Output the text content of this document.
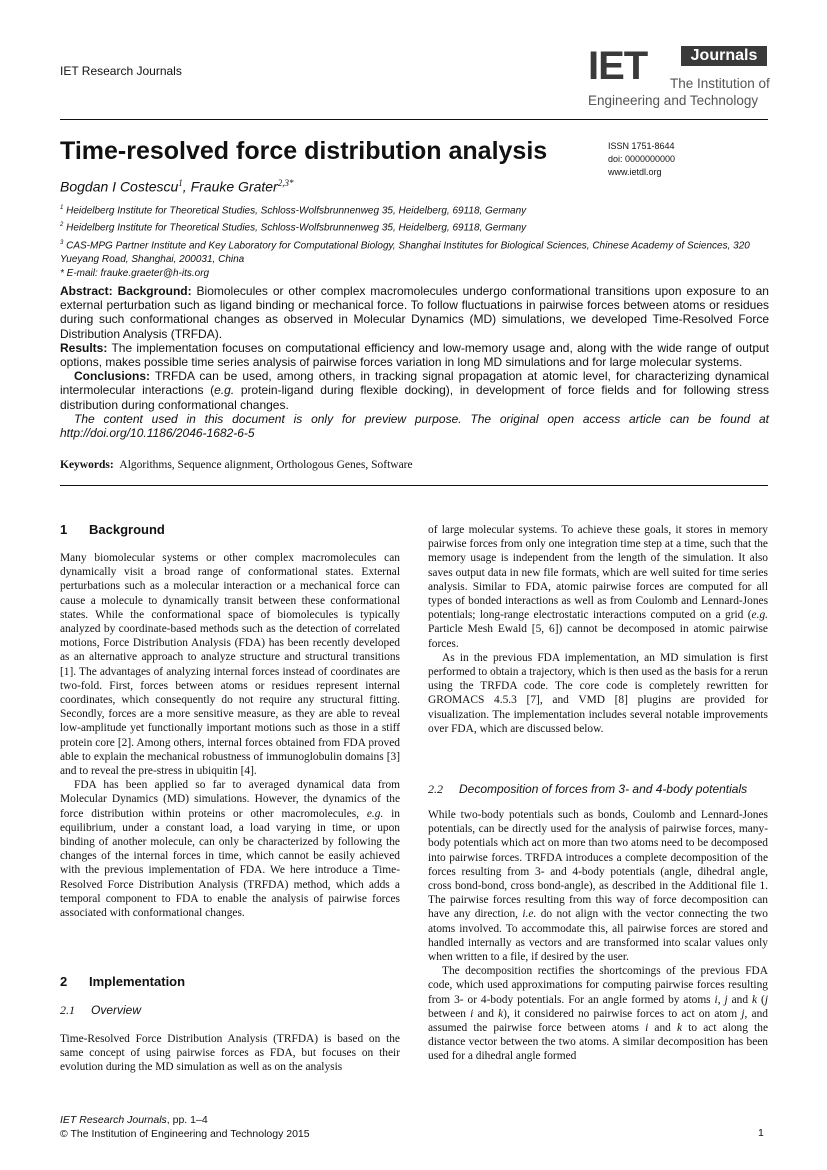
IET Research Journals	IET	Journals
The Institution of
Engineering and Technology
Time-resolved force distribution analysis	ISSN 1751-8644
doi: 0000000000
www.ietdl.org
Bogdan I Costescu$^1$, Frauke Grater$^{2,3*}$
$^1$ Heidelberg Institute for Theoretical Studies, Schloss-Wolfsbrunnenweg 35, Heidelberg, 69118, Germany
$^2$ Heidelberg Institute for Theoretical Studies, Schloss-Wolfsbrunnenweg 35, Heidelberg, 69118, Germany
$^3$ CAS-MPG Partner Institute and Key Laboratory for Computational Biology, Shanghai Institutes for Biological Sciences, Chinese Academy of Sciences, 320 Yueyang Road, Shanghai, 200031, China
* E-mail: frauke.graeter@h-its.org

Abstract: Background: Biomolecules or other complex macromolecules undergo conformational transitions upon exposure to an external perturbation such as ligand binding or mechanical force. To follow fluctuations in pairwise forces between atoms or residues during such conformational changes as observed in Molecular Dynamics (MD) simulations, we developed Time-Resolved Force Distribution Analysis (TRFDA).

Results: The implementation focuses on computational efficiency and low-memory usage and, along with the wide range of output options, makes possible time series analysis of pairwise forces variation in long MD simulations and for large molecular systems.

Conclusions: TRFDA can be used, among others, in tracking signal propagation at atomic level, for characterizing dynamical intermolecular interactions (e.g. protein-ligand during flexible docking), in development of force fields and for following stress distribution during conformational changes.

The content used in this document is only for preview purpose. The original open access article can be found at http://doi.org/10.1186/2046-1682-6-5

Keywords: Algorithms, Sequence alignment, Orthologous Genes, Software
1 Background

Many biomolecular systems or other complex macromolecules can dynamically visit a broad range of conformational states. External perturbations such as a molecular interaction or a mechanical force can cause a molecule to dynamically transit between these conformational states. While the conformational space of biomolecules is typically analyzed by coordinate-based methods such as the detection of correlated motions, Force Distribution Analysis (FDA) has been recently developed as an alternative approach to analyze structure and structural transitions [1]. The advantages of analyzing internal forces instead of coordinates are two-fold. First, forces between atoms or residues represent internal coordinates, which consequently do not require any structural fitting. Secondly, forces are a more sensitive measure, as they are able to reveal low-amplitude yet functionally important motions such as those in a stiff protein core [2]. Among others, internal forces obtained from FDA proved able to explain the mechanical robustness of immunoglobulin domains [3] and to reveal the pre-stress in ubiquitin [4].

FDA has been applied so far to averaged dynamical data from Molecular Dynamics (MD) simulations. However, the dynamics of the force distribution within proteins or other macromolecules, e.g. in equilibrium, under a constant load, a load varying in time, or upon binding of another molecule, can only be characterized by following the changes of the internal forces in time, which cannot be easily achieved with the previous implementation of FDA. We here introduce a Time-Resolved Force Distribution Analysis (TRFDA) method, which adds a temporal component to FDA to enable the analysis of pairwise forces associated with conformational changes.

2 Implementation
2.1 Overview

Time-Resolved Force Distribution Analysis (TRFDA) is based on the same concept of using pairwise forces as FDA, but focuses on their evolution during the MD simulation as well as on the analysis

of large molecular systems. To achieve these goals, it stores in memory pairwise forces from only one integration time step at a time, such that the memory usage is independent from the length of the simulation. It also saves output data in new file formats, which are well suited for time series analysis. Similar to FDA, atomic pairwise forces are computed for all types of bonded interactions as well as from Coulomb and Lennard-Jones potentials; long-range electrostatic interactions computed on a grid (e.g. Particle Mesh Ewald [5, 6]) cannot be decomposed in atomic pairwise forces.

As in the previous FDA implementation, an MD simulation is first performed to obtain a trajectory, which is then used as the basis for a rerun using the TRFDA code. The core code is completely rewritten for GROMACS 4.5.3 [7], and VMD [8] plugins are provided for visualization. The implementation includes several notable improvements over FDA, which are discussed below.

2.2 Decomposition of forces from 3- and 4-body potentials

While two-body potentials such as bonds, Coulomb and Lennard-Jones potentials, can be directly used for the analysis of pairwise forces, many-body potentials which act on more than two atoms need to be decomposed into pairwise forces. TRFDA introduces a complete decomposition of the forces resulting from 3- and 4-body potentials (angle, dihedral angle, cross bond-bond, cross bond-angle), as described in the Additional file 1. The pairwise forces resulting from this way of force decomposition can have any direction, i.e. do not align with the vector connecting the two atoms involved. To accommodate this, all pairwise forces are stored and handled internally as vectors and are transformed into scalar values only when written to a file, if desired by the user.

The decomposition rectifies the shortcomings of the previous FDA code, which used approximations for computing pairwise forces resulting from 3- or 4-body potentials. For an angle formed by atoms i, j and k (j between i and k), it considered no pairwise forces to act on atom j, and assumed the pairwise force between atoms i and k to act along the distance vector between the two atoms. A similar decomposition has been used for a dihedral angle formed

IET Research Journals, pp. 1–4
© The Institution of Engineering and Technology 2015	1
